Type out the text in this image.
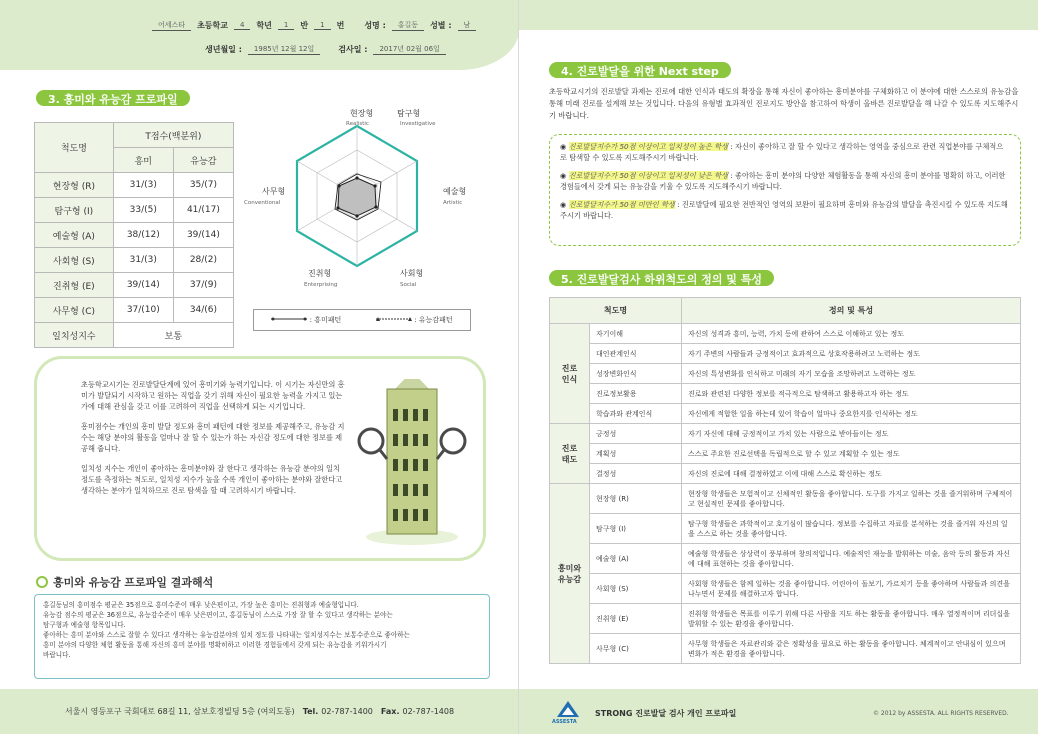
어세스타	초등학교	4	학년	1	반	1	번	성명 :	홍길동	성별 :	남
생년월일 :	1985년 12월 12일	검사일 :	2017년 02월 06일
3. 흥미와 유능감 프로파일
척도명	T점수(백분위)	
	흥미	유능감
현장형 (R)	31/(3)	35/(7)
탐구형 (I)	33/(5)	41/(17)
예술형 (A)	38/(12)	39/(14)
사회형 (S)	31/(3)	28/(2)
진취형 (E)	39/(14)	37/(9)
사무형 (C)	37/(10)	34/(6)
일치성지수	보통	
현장형
Realistic
탐구형
Investigative
예술형
Artistic
사회형
Social
진취형
Enterprising
사무형
Conventional
: 흥미패턴	: 유능감패턴

초등학교시기는 진로발달단계에 있어 흥미기와 능력기입니다. 이 시기는 자신만의 흥미가 발달되기 시작하고 원하는 직업을 갖기 위해 자신이 필요한 능력을 가지고 있는가에 대해 관심을 갖고 이를 고려하여 직업을 선택하게 되는 시기입니다.

흥미점수는 개인의 흥미 발달 정도와 흥미 패턴에 대한 정보를 제공해주고, 유능감 지수는 해당 분야의 활동을 얼마나 잘 할 수 있는가 하는 자신감 정도에 대한 정보를 제공해 줍니다.

일치성 지수는 개인이 좋아하는 흥미분야와 잘 한다고 생각하는 유능감 분야의 일치 정도를 측정하는 척도로, 일치성 지수가 높을 수록 개인이 좋아하는 분야와 잘한다고 생각하는 분야가 일치하므로 진로 탐색을 할 때 고려하시기 바랍니다.

흥미와 유능감 프로파일 결과해석
홍길동님의 흥미점수 평균은 35점으로 흥미수준이 매우 낮은편이고, 가장 높은 흥미는 진취형과 예술형입니다.
유능감 점수의 평균은 36점으로, 유능감수준이 매우 낮은편이고, 홍길동님이 스스로 가장 잘 할 수 있다고 생각하는 분야는
탐구형과 예술형 항목입니다.
좋아하는 흥미 분야와 스스로 잘할 수 있다고 생각하는 유능감분야의 일치 정도를 나타내는 일치성지수는 보통수준으로 좋아하는
흥미 분야의 다양한 체험 활동을 통해 자신의 흥미 분야를 명확히하고 이러한 경험들에서 갖게 되는 유능감을 키워가시기
바랍니다.
서울시 영등포구 국회대로 68길 11, 삼보호정빌딩 5층 (여의도동) Tel. 02-787-1400 Fax. 02-787-1408
4. 진로발달을 위한 Next step
초등학교시기의 진로발달 과제는 진로에 대한 인식과 태도의 확장을 통해 자신이 좋아하는 흥미분야를 구체화하고 이 분야에 대한 스스로의 유능감을 통해 미래 진로를 설계해 보는 것입니다. 다음의 유형별 효과적인 진로지도 방안을 참고하여 학생이 올바른 진로발달을 해 나갈 수 있도록 지도해주시기 바랍니다.
◉ 진로발달지수가 50점 이상이고 일치성이 높은 학생 : 자신이 좋아하고 잘 할 수 있다고 생각하는 영역을 중심으로 관련 직업분야를 구체적으로 탐색할 수 있도록 지도해주시기 바랍니다.
◉ 진로발달지수가 50점 이상이고 일치성이 낮은 학생 : 좋아하는 흥미 분야의 다양한 체험활동을 통해 자신의 흥미 분야를 명확히 하고, 이러한 경험들에서 갖게 되는 유능감을 키울 수 있도록 지도해주시기 바랍니다.
◉ 진로발달지수가 50점 미만인 학생 : 진로발달에 필요한 전반적인 영역의 보완이 필요하며 흥미와 유능감의 발달을 촉진시킬 수 있도록 지도해주시기 바랍니다.
5. 진로발달검사 하위척도의 정의 및 특성
척도명		정의 및 특성
진로
인식	자기이해	자신의 성격과 흥미, 능력, 가치 등에 관하여 스스로 이해하고 있는 정도
	대인관계인식	자기 주변의 사람들과 긍정적이고 효과적으로 상호작용하려고 노력하는 정도
	성장변화인식	자신의 특성변화를 인식하고 미래의 자기 모습을 조망하려고 노력하는 정도
	진로정보활용	진로와 관련된 다양한 정보를 적극적으로 탐색하고 활용하고자 하는 정도
	학습과와 관계인식	자신에게 적합한 일을 하는데 있어 학습이 얼마나 중요한지를 인식하는 정도
진로
태도	긍정성	자기 자신에 대해 긍정적이고 가치 있는 사람으로 받아들이는 정도
	계획성	스스로 주요한 진로선택을 독립적으로 할 수 있고 계획할 수 있는 정도
	결정성	자신의 진로에 대해 결정하였고 이에 대해 스스로 확신하는 정도
흥미와
유능감	현장형 (R)	현장형 학생들은 모험적이고 신체적인 활동을 좋아합니다. 도구를 가지고 일하는 것을 즐거워하며 구체적이고 현실적인 문제를 좋아합니다.
	탐구형 (I)	탐구형 학생들은 과학적이고 호기심이 많습니다. 정보를 수집하고 자료를 분석하는 것을 즐거워 자신의 일을 스스로 하는 것을 좋아합니다.
	예술형 (A)	예술형 학생들은 상상력이 풍부하며 창의적입니다. 예술적인 재능을 발휘하는 미술, 음악 등의 활동과 자신에 대해 표현하는 것을 좋아합니다.
	사회형 (S)	사회형 학생들은 함께 일하는 것을 좋아합니다. 어린아이 돌보기, 가르치기 등을 좋아하며 사람들과 의견을 나누면서 문제를 해결하고자 합니다.
	진취형 (E)	진취형 학생들은 목표를 이루기 위해 다른 사람을 지도 하는 활동을 좋아합니다. 매우 열정적이며 리더십을 발휘할 수 있는 환경을 좋아합니다.
	사무형 (C)	사무형 학생들은 자료관리와 같은 정확성을 필요로 하는 활동을 좋아합니다. 체계적이고 안내심이 있으며 변화가 적은 환경을 좋아합니다.
ASSESTA
STRONG 진로발달 검사 개인 프로파일	© 2012 by ASSESTA. ALL RIGHTS RESERVED.
